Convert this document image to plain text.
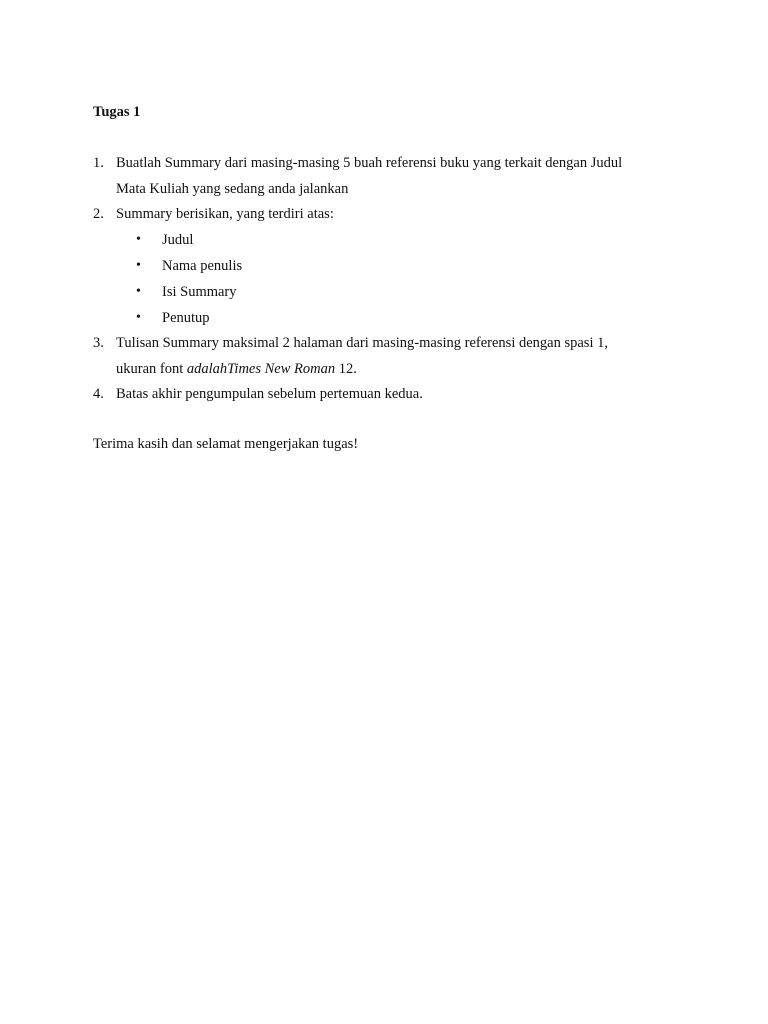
Tugas 1
1. Buatlah Summary dari masing-masing 5 buah referensi buku yang terkait dengan Judul
Mata Kuliah yang sedang anda jalankan
2. Summary berisikan, yang terdiri atas:
• Judul
• Nama penulis
• Isi Summary
• Penutup
3. Tulisan Summary maksimal 2 halaman dari masing-masing referensi dengan spasi 1,
ukuran font adalahTimes New Roman 12.
4. Batas akhir pengumpulan sebelum pertemuan kedua.
Terima kasih dan selamat mengerjakan tugas!
